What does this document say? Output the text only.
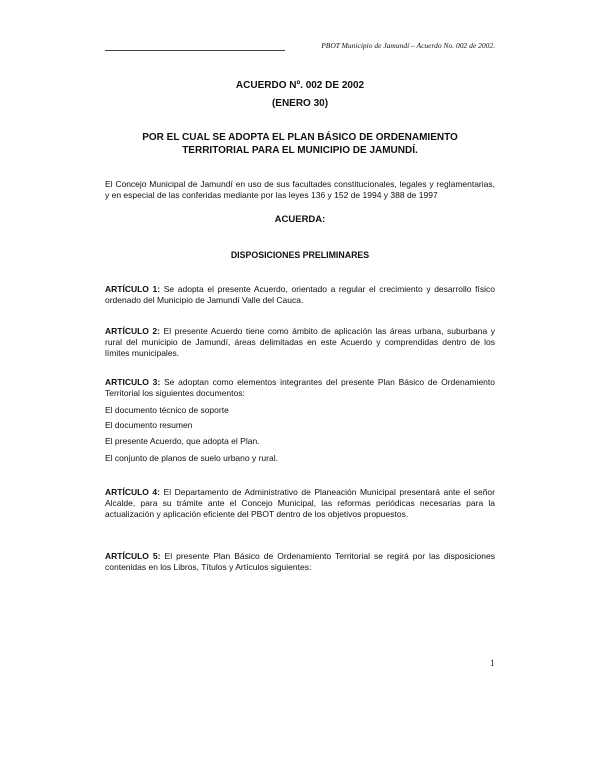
PBOT Municipio de Jamundí – Acuerdo No. 002 de 2002.
ACUERDO Nº. 002 DE 2002
(ENERO 30)
POR EL CUAL SE ADOPTA EL PLAN BÁSICO DE ORDENAMIENTO TERRITORIAL PARA EL MUNICIPIO DE JAMUNDÍ.
El Concejo Municipal de Jamundí en uso de sus facultades constitucionales, legales y reglamentarias, y en especial de las conferidas mediante por las leyes 136 y 152 de 1994 y 388 de 1997
ACUERDA:
DISPOSICIONES PRELIMINARES
ARTÍCULO 1: Se adopta el presente Acuerdo, orientado a regular el crecimiento y desarrollo físico ordenado del Municipio de Jamundí Valle del Cauca.
ARTÍCULO 2: El presente Acuerdo tiene como ámbito de aplicación las áreas urbana, suburbana y rural del municipio de Jamundí, áreas delimitadas en este Acuerdo y comprendidas dentro de los límites municipales.
ARTICULO 3: Se adoptan como elementos integrantes del presente Plan Básico de Ordenamiento Territorial los siguientes documentos:
El documento técnico de soporte
El documento resumen
El presente Acuerdo, que adopta el Plan.
El conjunto de planos de suelo urbano y rural.
ARTÍCULO 4: El Departamento de Administrativo de Planeación Municipal presentará ante el señor Alcalde, para su trámite ante el Concejo Municipal, las reformas periódicas necesarias para la actualización y aplicación eficiente del PBOT dentro de los objetivos propuestos.
ARTÍCULO 5: El presente Plan Básico de Ordenamiento Territorial se regirá por las disposiciones contenidas en los Libros, Títulos y Artículos siguientes:
1
